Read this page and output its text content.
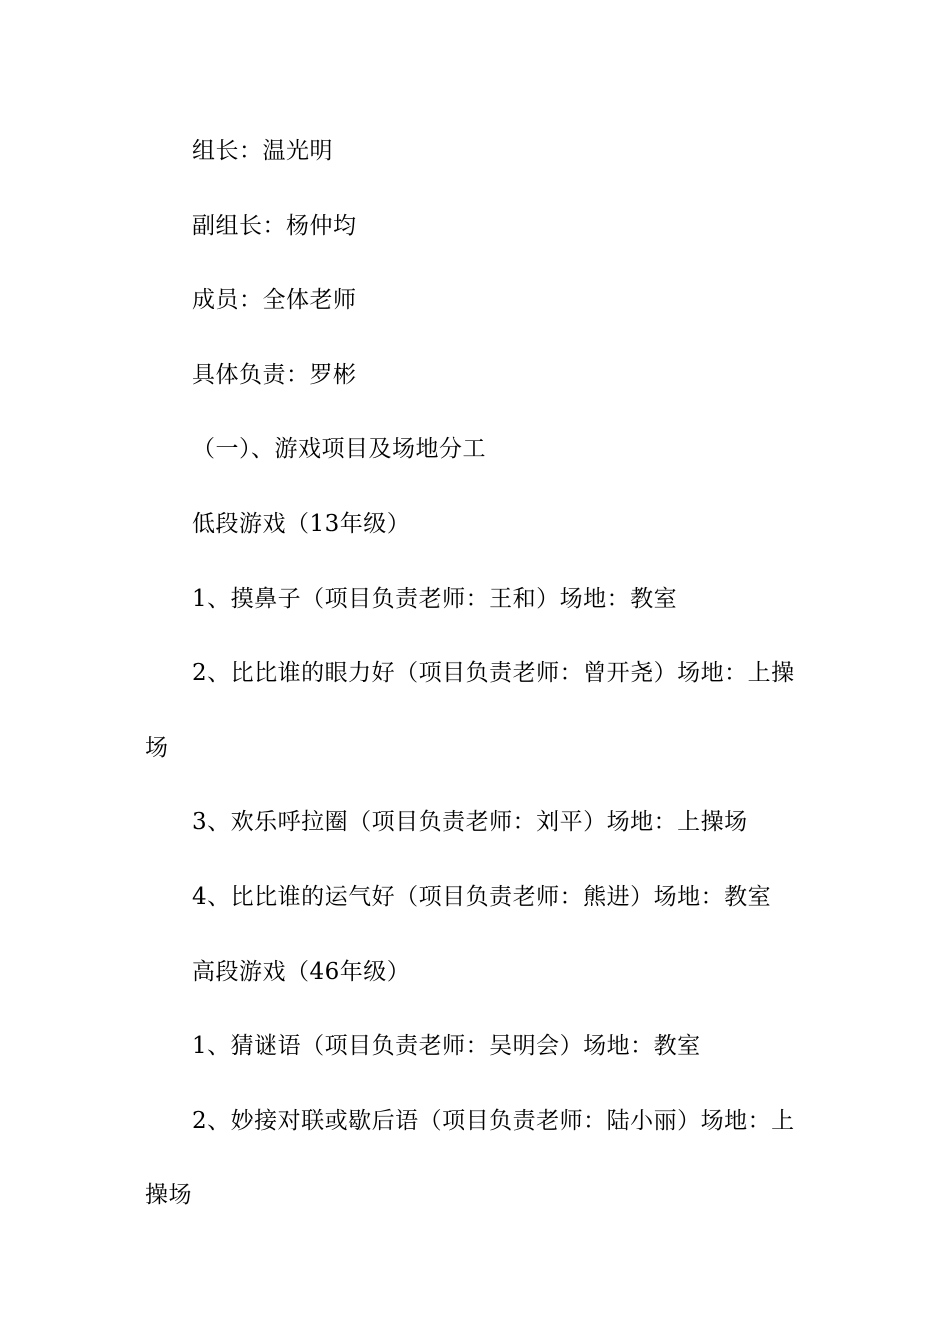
组长：温光明
副组长：杨仲均
成员：全体老师
具体负责：罗彬
（一）、游戏项目及场地分工
低段游戏（13年级）
1、摸鼻子（项目负责老师：王和）场地：教室
2、比比谁的眼力好（项目负责老师：曾开尧）场地：上操
场
3、欢乐呼拉圈（项目负责老师：刘平）场地：上操场
4、比比谁的运气好（项目负责老师：熊进）场地：教室
高段游戏（46年级）
1、猜谜语（项目负责老师：吴明会）场地：教室
2、妙接对联或歇后语（项目负责老师：陆小丽）场地：上
操场
